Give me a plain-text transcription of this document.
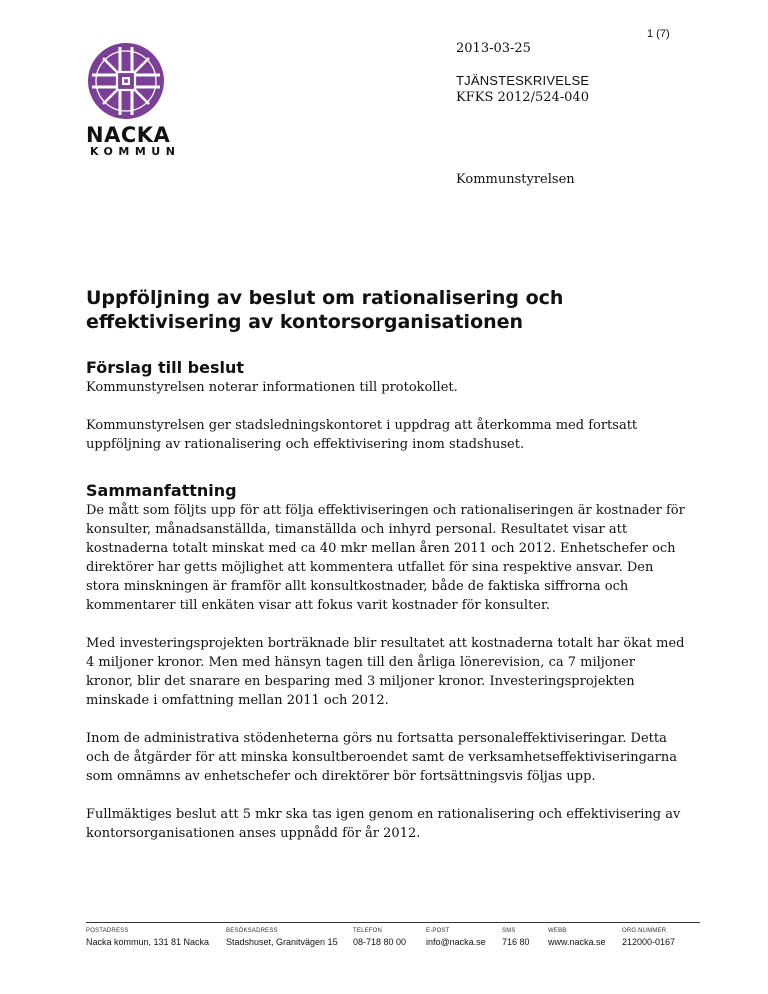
1 (7)
NACKA
KOMMUN
2013-03-25
TJÄNSTESKRIVELSE
KFKS 2012/524-040
Kommunstyrelsen
Uppföljning av beslut om rationalisering och effektivisering av kontorsorganisationen
Förslag till beslut

Kommunstyrelsen noterar informationen till protokollet.

Kommunstyrelsen ger stadsledningskontoret i uppdrag att återkomma med fortsatt uppföljning av rationalisering och effektivisering inom stadshuset.

Sammanfattning

De mått som följts upp för att följa effektiviseringen och rationaliseringen är kostnader för konsulter, månadsanställda, timanställda och inhyrd personal. Resultatet visar att kostnaderna totalt minskat med ca 40 mkr mellan åren 2011 och 2012. Enhetschefer och direktörer har getts möjlighet att kommentera utfallet för sina respektive ansvar. Den stora minskningen är framför allt konsultkostnader, både de faktiska siffrorna och kommentarer till enkäten visar att fokus varit kostnader för konsulter.

Med investeringsprojekten borträknade blir resultatet att kostnaderna totalt har ökat med 4 miljoner kronor. Men med hänsyn tagen till den årliga lönerevision, ca 7 miljoner kronor, blir det snarare en besparing med 3 miljoner kronor. Investeringsprojekten minskade i omfattning mellan 2011 och 2012.

Inom de administrativa stödenheterna görs nu fortsatta personaleffektiviseringar. Detta och de åtgärder för att minska konsultberoendet samt de verksamhetseffektiviseringarna som omnämns av enhetschefer och direktörer bör fortsättningsvis följas upp.

Fullmäktiges beslut att 5 mkr ska tas igen genom en rationalisering och effektivisering av kontorsorganisationen anses uppnådd för år 2012.

POSTADRESS
Nacka kommun, 131 81 Nacka
BESÖKSADRESS
Stadshuset, Granitvägen 15
TELEFON
08-718 80 00
E-POST
info@nacka.se
SMS
716 80
WEBB
www.nacka.se
ORG.NUMMER
212000-0167
